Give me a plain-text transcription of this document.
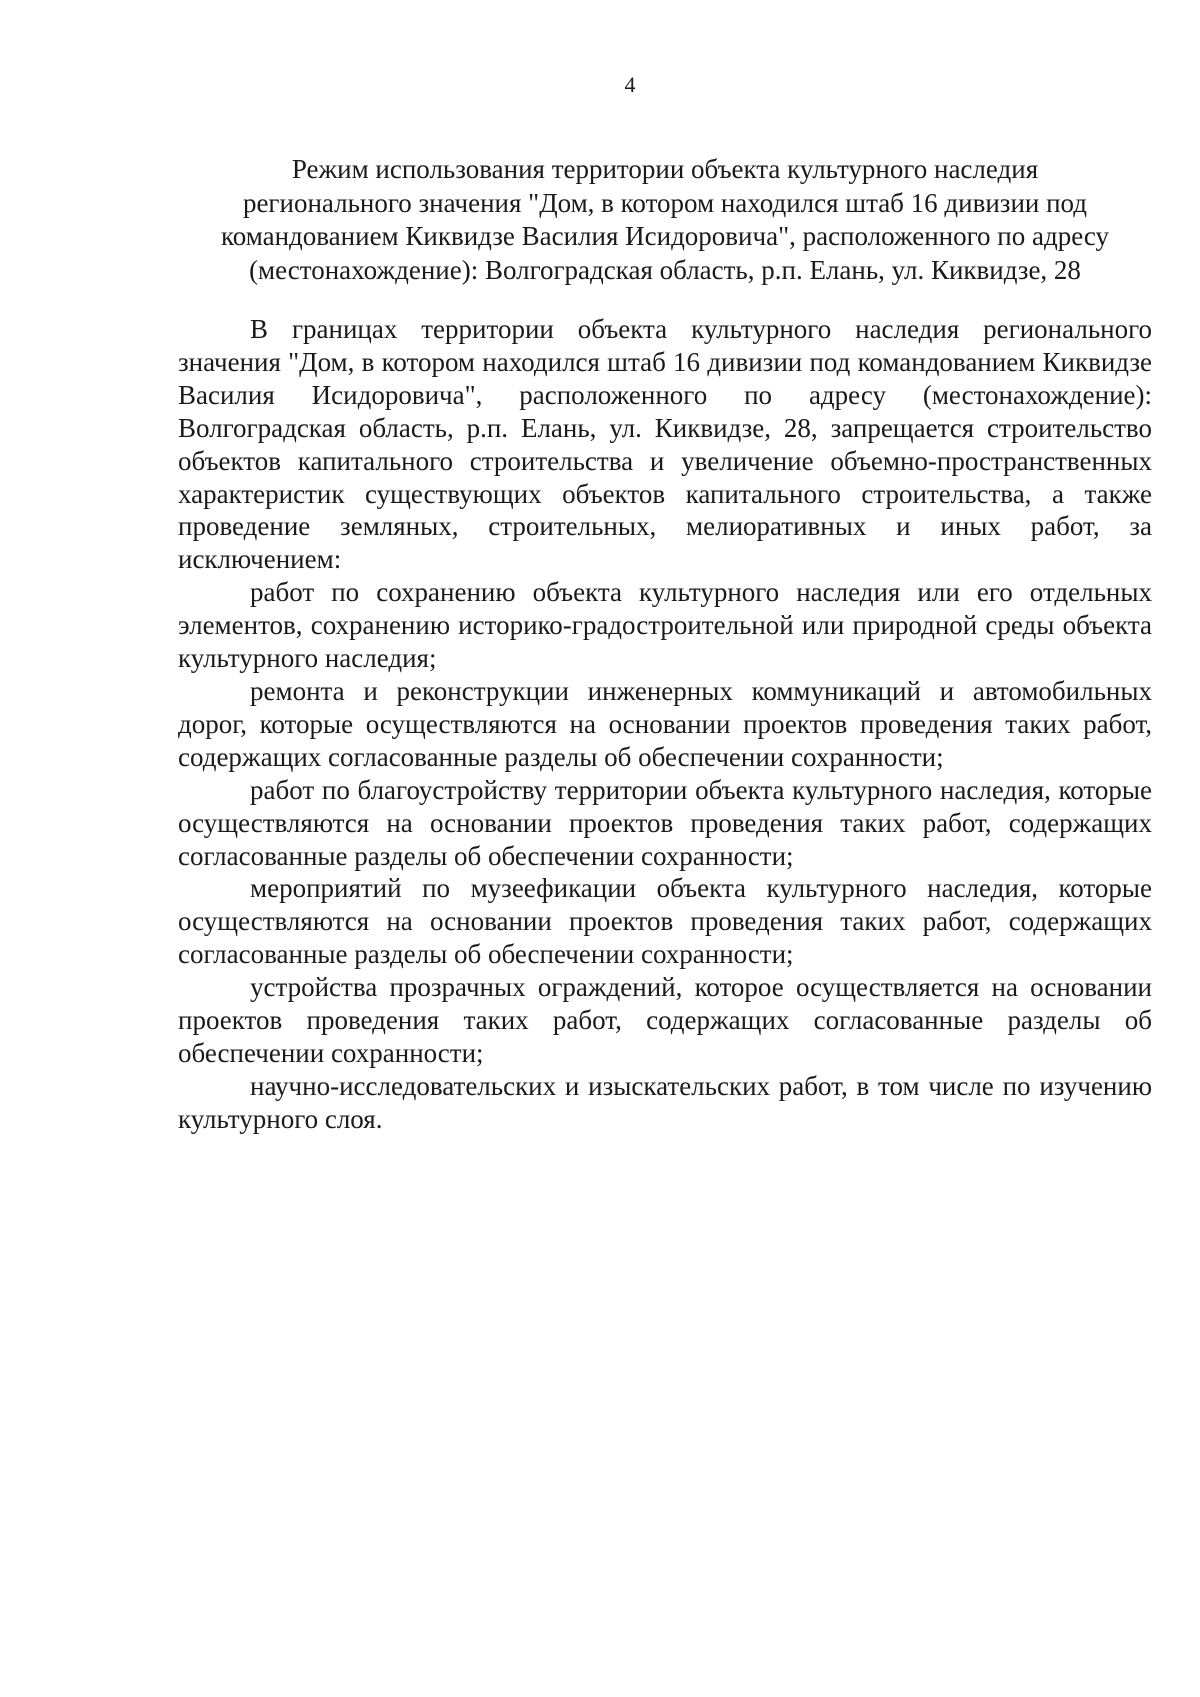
4
Режим использования территории объекта культурного наследия
регионального значения "Дом, в котором находился штаб 16 дивизии под
командованием Киквидзе Василия Исидоровича", расположенного по адресу
(местонахождение): Волгоградская область, р.п. Елань, ул. Киквидзе, 28

В границах территории объекта культурного наследия регионального значения "Дом, в котором находился штаб 16 дивизии под командованием Киквидзе Василия Исидоровича", расположенного по адресу (местонахождение): Волгоградская область, р.п. Елань, ул. Киквидзе, 28, запрещается строительство объектов капитального строительства и увеличение объемно-пространственных характеристик существующих объектов капитального строительства, а также проведение земляных, строительных, мелиоративных и иных работ, за исключением:

работ по сохранению объекта культурного наследия или его отдельных элементов, сохранению историко-градостроительной или природной среды объекта культурного наследия;

ремонта и реконструкции инженерных коммуникаций и автомобильных дорог, которые осуществляются на основании проектов проведения таких работ, содержащих согласованные разделы об обеспечении сохранности;

работ по благоустройству территории объекта культурного наследия, которые осуществляются на основании проектов проведения таких работ, содержащих согласованные разделы об обеспечении сохранности;

мероприятий по музеефикации объекта культурного наследия, которые осуществляются на основании проектов проведения таких работ, содержащих согласованные разделы об обеспечении сохранности;

устройства прозрачных ограждений, которое осуществляется на основании проектов проведения таких работ, содержащих согласованные разделы об обеспечении сохранности;

научно-исследовательских и изыскательских работ, в том числе по изучению культурного слоя.
